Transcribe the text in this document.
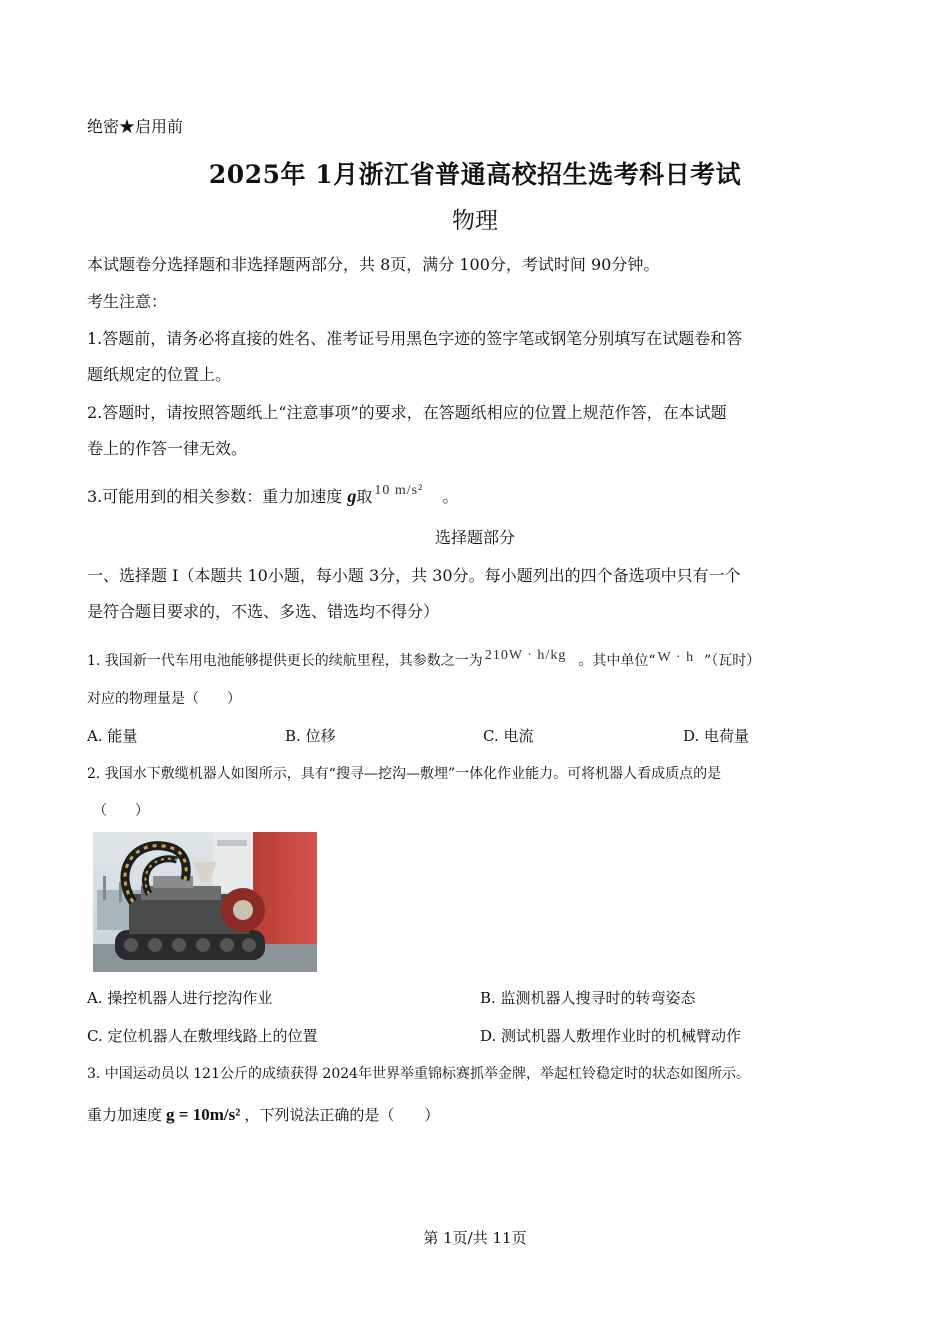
绝密★启用前
2025年 1月浙江省普通高校招生选考科日考试
物理
本试题卷分选择题和非选择题两部分，共 8页，满分 100分，考试时间 90分钟。
考生注意：
1.答题前，请务必将直接的姓名、准考证号用黑色字迹的签字笔或钢笔分别填写在试题卷和答
题纸规定的位置上。
2.答题时，请按照答题纸上“注意事项”的要求，在答题纸相应的位置上规范作答，在本试题
卷上的作答一律无效。
3.可能用到的相关参数：重力加速度 g取 10 m/s² 。
选择题部分
一、选择题 I（本题共 10小题，每小题 3分，共 30分。每小题列出的四个备选项中只有一个
是符合题目要求的，不选、多选、错选均不得分）
1. 我国新一代车用电池能够提供更长的续航里程，其参数之一为 210W · h/kg 。其中单位“ W · h ”（瓦时）
对应的物理量是（　　）
A. 能量	B. 位移	C. 电流	D. 电荷量
2. 我国水下敷缆机器人如图所示，具有“搜寻—挖沟—敷埋”一体化作业能力。可将机器人看成质点的是
（　　）
A. 操控机器人进行挖沟作业	B. 监测机器人搜寻时的转弯姿态
C. 定位机器人在敷埋线路上的位置	D. 测试机器人敷埋作业时的机械臂动作
3. 中国运动员以 121公斤的成绩获得 2024年世界举重锦标赛抓举金牌，举起杠铃稳定时的状态如图所示。
重力加速度 g = 10m/s² ，下列说法正确的是（　　）
第 1页/共 11页
